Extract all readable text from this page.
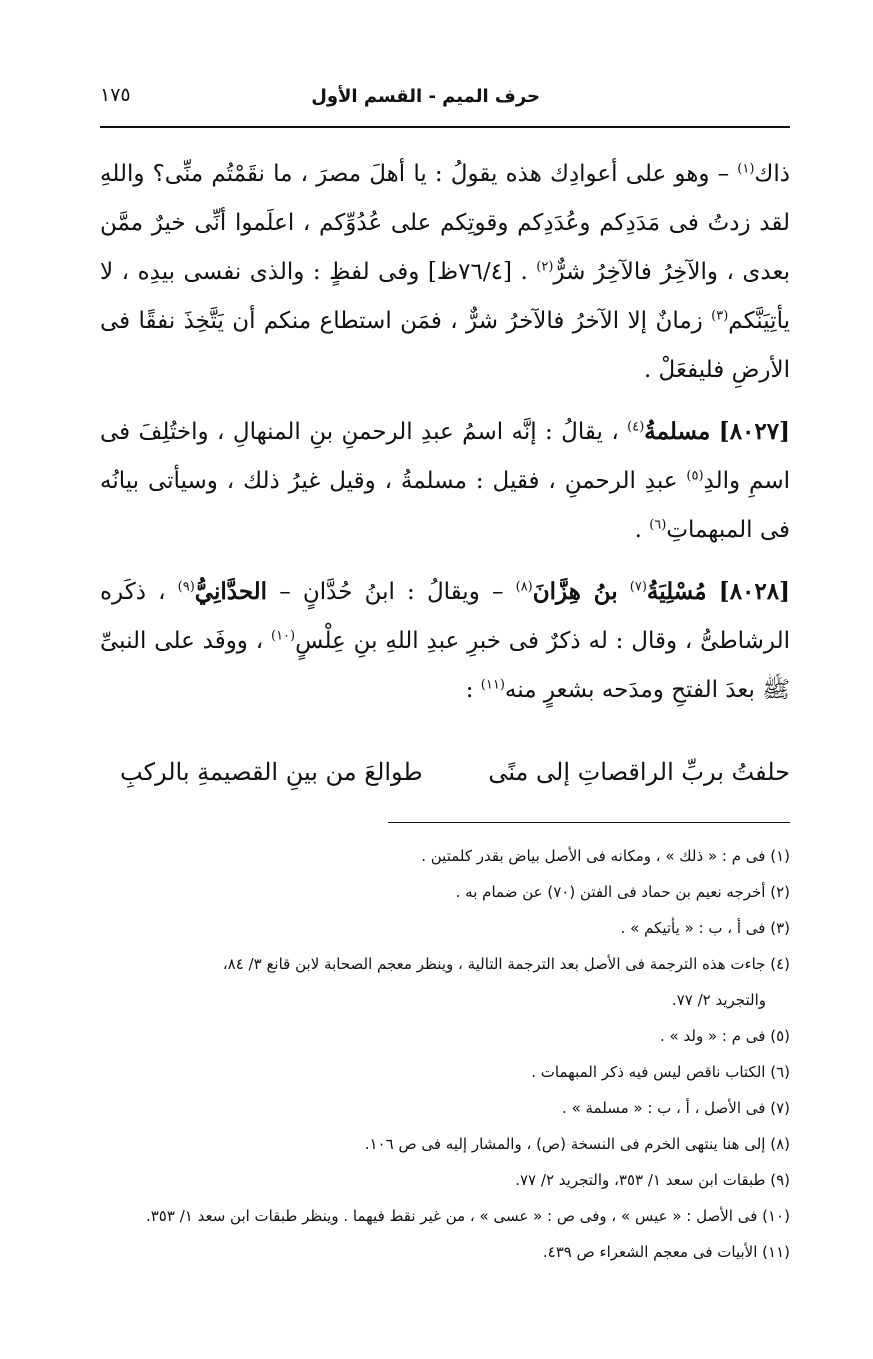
حرف الميم - القسم الأول
١٧٥

ذاك$^{(١)}$ – وهو على أعوادِك هذه يقولُ : يا أهلَ مصرَ ، ما نقَمْتُم منِّى؟ واللهِ لقد زدتُ فى مَدَدِكم وعُدَدِكم وقوتِكم على عُدُوِّكم ، اعلَموا أنِّى خيرٌ ممَّن بعدى ، والآخِرُ فالآخِرُ شرٌّ$^{(٢)}$ . [٧٦/٤ظ] وفى لفظٍ : والذى نفسى بيدِه ، لا يأتِيَنَّكم$^{(٣)}$ زمانٌ إلا الآخرُ فالآخرُ شرٌّ ، فمَن استطاع منكم أن يَتَّخِذَ نفقًا فى الأرضِ فليفعَلْ .

[٨٠٢٧] مسلمةُ$^{(٤)}$ ، يقالُ : إنَّه اسمُ عبدِ الرحمنِ بنِ المنهالِ ، واختُلِفَ فى اسمِ والدِ$^{(٥)}$ عبدِ الرحمنِ ، فقيل : مسلمةُ ، وقيل غيرُ ذلك ، وسيأتى بيانُه فى المبهماتِ$^{(٦)}$ .

[٨٠٢٨] مُسْلِيَةُ$^{(٧)}$ بنُ هِزَّانَ$^{(٨)}$ – ويقالُ : ابنُ حُدَّانٍ – الحدَّانِيُّ$^{(٩)}$ ، ذكَره الرشاطىُّ ، وقال : له ذكرٌ فى خبرِ عبدِ اللهِ بنِ عِلْسٍ$^{(١٠)}$ ، ووفَد على النبىِّ ﷺ بعدَ الفتحِ ومدَحه بشعرٍ منه$^{(١١)}$ :

حلفتُ بربِّ الراقصاتِ إلى منًى
طوالعَ من بينِ القصيمةِ بالركبِ

(١) فى م : « ذلك » ، ومكانه فى الأصل بياض بقدر كلمتين .

(٢) أخرجه نعيم بن حماد فى الفتن (٧٠) عن ضمام به .

(٣) فى أ ، ب : « يأتيكم » .

(٤) جاءت هذه الترجمة فى الأصل بعد الترجمة التالية ، وينظر معجم الصحابة لابن قانع ٣/ ٨٤،

والتجريد ٢/ ٧٧.

(٥) فى م : « ولد » .

(٦) الكتاب ناقص ليس فيه ذكر المبهمات .

(٧) فى الأصل ، أ ، ب : « مسلمة » .

(٨) إلى هنا ينتهى الخرم فى النسخة (ص) ، والمشار إليه فى ص ١٠٦.

(٩) طبقات ابن سعد ١/ ٣٥٣، والتجريد ٢/ ٧٧.

(١٠) فى الأصل : « عيس » ، وفى ص : « عسى » ، من غير نقط فيهما . وينظر طبقات ابن سعد ١/ ٣٥٣.

(١١) الأبيات فى معجم الشعراء ص ٤٣٩.
